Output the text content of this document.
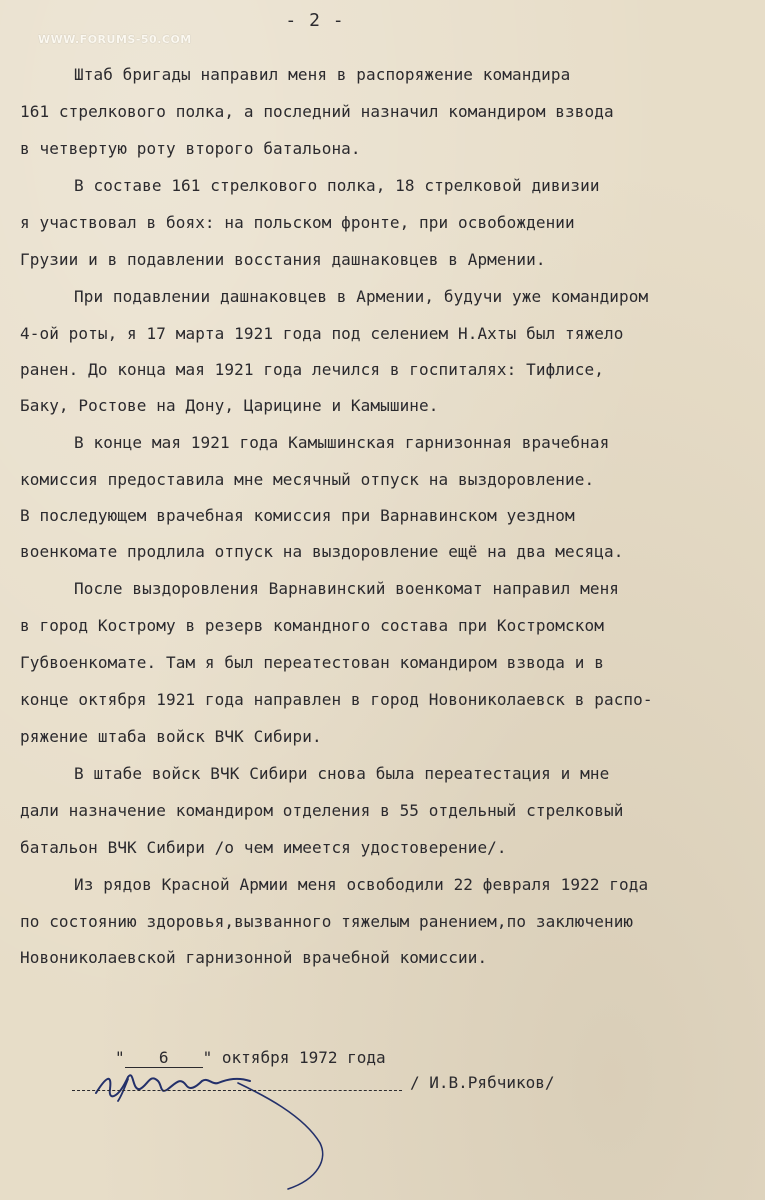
WWW.FORUMS-50.COM
- 2 -
Штаб бригады направил меня в распоряжение командира
161 стрелкового полка, а последний назначил командиром взвода
в четвертую роту второго батальона.
В составе 161 стрелкового полка, 18 стрелковой дивизии
я участвовал в боях: на польском фронте, при освобождении
Грузии и в подавлении восстания дашнаковцев в Армении.
При подавлении дашнаковцев в Армении, будучи уже командиром
4-ой роты, я 17 марта 1921 года под селением Н.Ахты был тяжело
ранен. До конца мая 1921 года лечился в госпиталях: Тифлисе,
Баку, Ростове на Дону, Царицине и Камышине.
В конце мая 1921 года Камышинская гарнизонная врачебная
комиссия предоставила мне месячный отпуск на выздоровление.
В последующем врачебная комиссия при Варнавинском уездном
военкомате продлила отпуск на выздоровление ещё на два месяца.
После выздоровления Варнавинский военкомат направил меня
в город Кострому в резерв командного состава при Костромском
Губвоенкомате. Там я был переатестован командиром взвода и в
конце октября 1921 года направлен в город Новониколаевск в распо-
ряжение штаба войск ВЧК Сибири.
В штабе войск ВЧК Сибири снова была переатестация и мне
дали назначение командиром отделения в 55 отдельный стрелковый
батальон ВЧК Сибири /о чем имеется удостоверение/.
Из рядов Красной Армии меня освободили 22 февраля 1922 года
по состоянию здоровья,вызванного тяжелым ранением,по заключению
Новониколаевской гарнизонной врачебной комиссии.
" 6 " октября 1972 года
/ И.В.Рябчиков/
